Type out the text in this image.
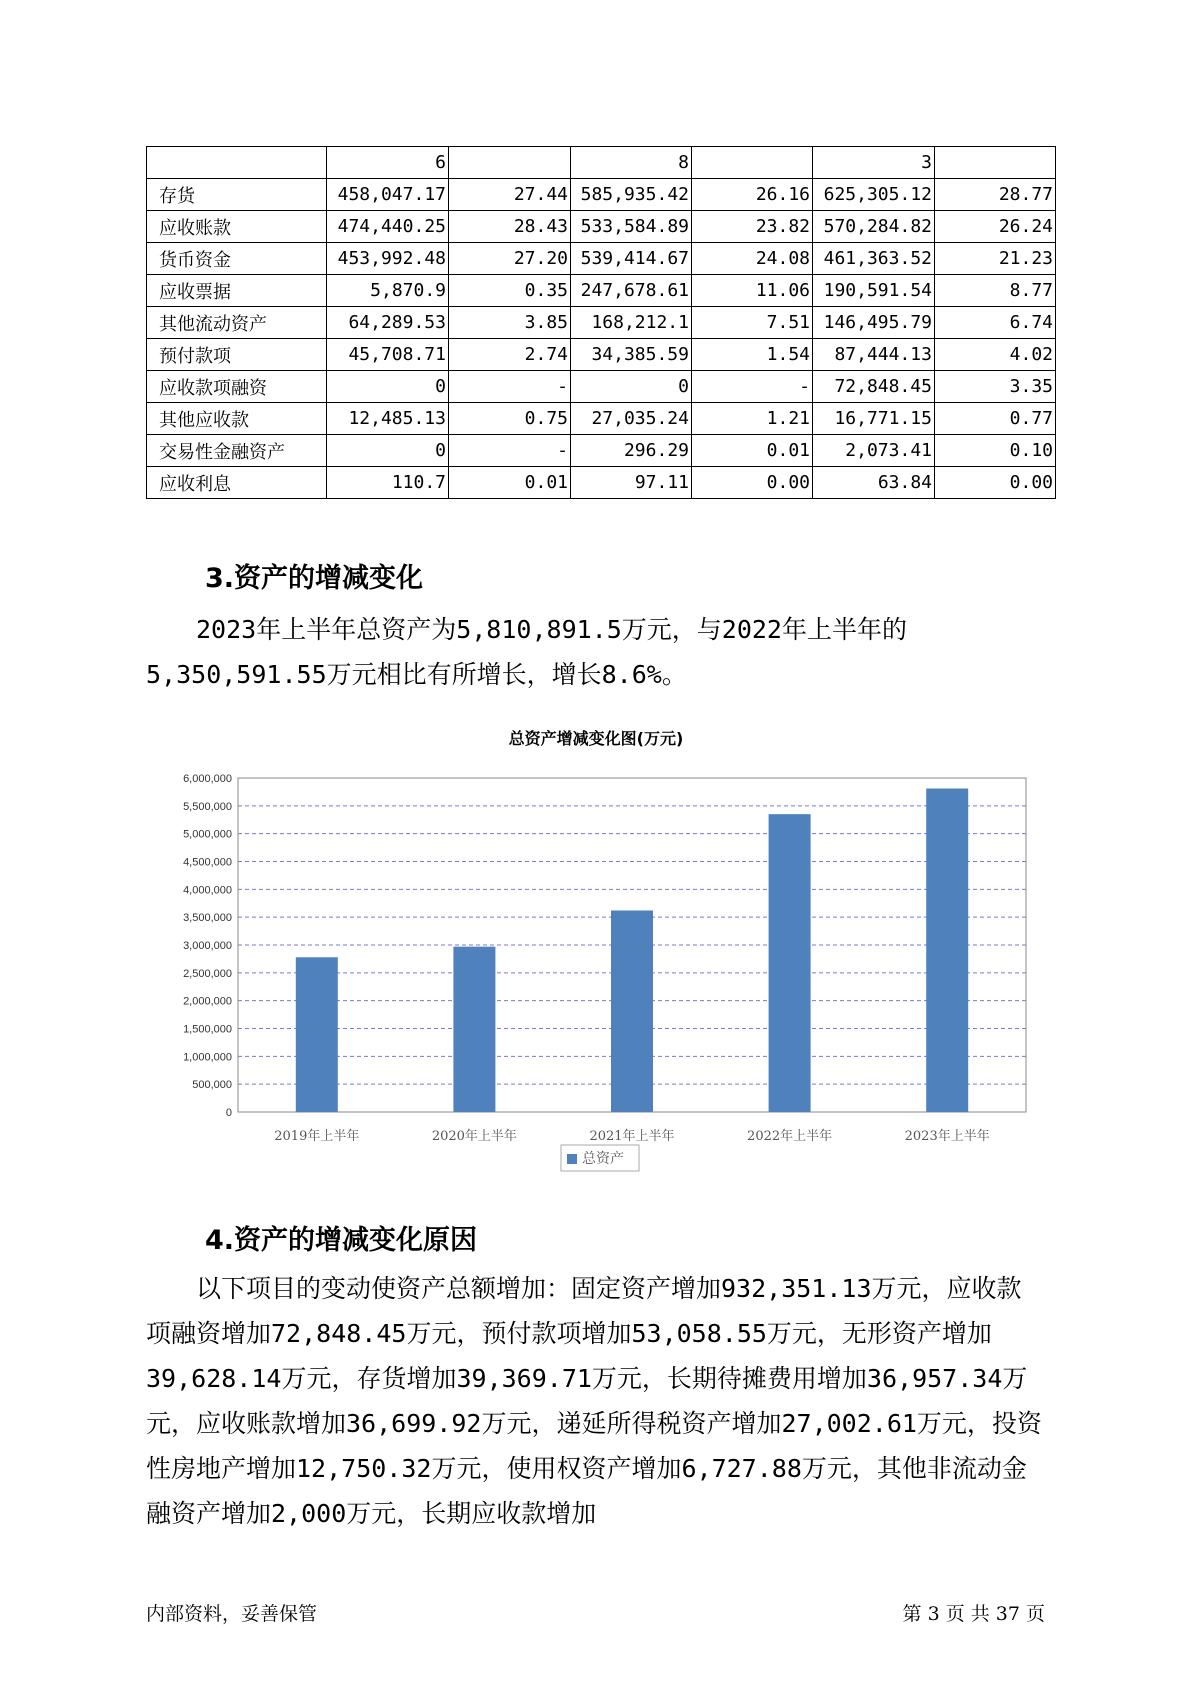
	6		8		3	
存货	458,047.17	27.44	585,935.42	26.16	625,305.12	28.77
应收账款	474,440.25	28.43	533,584.89	23.82	570,284.82	26.24
货币资金	453,992.48	27.20	539,414.67	24.08	461,363.52	21.23
应收票据	5,870.9	0.35	247,678.61	11.06	190,591.54	8.77
其他流动资产	64,289.53	3.85	168,212.1	7.51	146,495.79	6.74
预付款项	45,708.71	2.74	34,385.59	1.54	87,444.13	4.02
应收款项融资	0	-	0	-	72,848.45	3.35
其他应收款	12,485.13	0.75	27,035.24	1.21	16,771.15	0.77
交易性金融资产	0	-	296.29	0.01	2,073.41	0.10
应收利息	110.7	0.01	97.11	0.00	63.84	0.00
3.资产的增减变化

2023年上半年总资产为5,810,891.5万元，与2022年上半年的5,350,591.55万元相比有所增长，增长8.6%。

总资产增减变化图(万元)
0
500,000
1,000,000
1,500,000
2,000,000
2,500,000
3,000,000
3,500,000
4,000,000
4,500,000
5,000,000
5,500,000
6,000,000
2019年上半年	2020年上半年	2021年上半年	2022年上半年	2023年上半年
总资产
4.资产的增减变化原因

以下项目的变动使资产总额增加：固定资产增加932,351.13万元，应收款项融资增加72,848.45万元，预付款项增加53,058.55万元，无形资产增加39,628.14万元，存货增加39,369.71万元，长期待摊费用增加36,957.34万元，应收账款增加36,699.92万元，递延所得税资产增加27,002.61万元，投资性房地产增加12,750.32万元，使用权资产增加6,727.88万元，其他非流动金融资产增加2,000万元，长期应收款增加

内部资料，妥善保管	第 3 页 共 37 页
